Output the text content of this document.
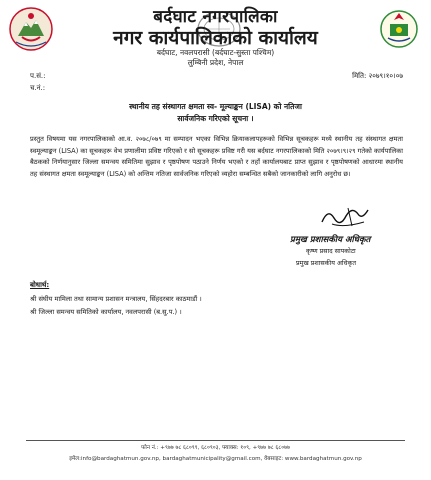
बर्दघाट नगरपालिका
नगर कार्यपालिकाको कार्यालय
बर्दघाट, नवलपरासी (बर्दघाट-सुस्ता पश्चिम)
लुम्बिनी प्रदेश, नेपाल
प.सं.:
च.नं.:
मिति: २०७९।१०।०७
स्थानीय तह संस्थागत क्षमता स्व- मूल्याङ्कन (LISA) को नतिजा
सार्वजनिक गरिएको सूचना ।

प्रस्तुत विषयमा यस नगरपालिकाको आ.व. २०७८/०७९ मा सम्पादन भएका विभिन्न क्रियाकलापहरूको विभिन्न सूचकहरू मध्ये स्थानीय तह संस्थागत क्षमता स्वमूल्याङ्कन (LISA) का सूचकहरू वेभ प्रणालीमा प्रविष्ट गरिएको र सो सूचकहरू प्रविष्ट गरी यस बर्दघाट नगरपालिकाको मिति २०७९।९।२९ गतेको कार्यपालिका बैठकको निर्णयानुसार जिल्ला समन्वय समितिमा सुझाव र पृष्ठपोषण पठाउने निर्णय भएको र तहाँ कार्यालयबाट प्राप्त सुझाव र पृष्ठपोषणको आधारमा स्थानीय तह संस्थागत क्षमता स्वमूल्याङ्कन (LISA) को अन्तिम नतिजा सार्वजनिक गरिएको व्यहोरा सम्बन्धित सबैको जानकारीको लागि अनुरोध छ।

प्रमुख प्रशासकीय अधिकृत
कृष्ण प्रसाद सापकोटा
प्रमुख प्रशासकीय अधिकृत
बोधार्थ:
श्री संघीय मामिला तथा सामान्य प्रशासन मन्त्रालय, सिंहदरबार काठमाडौं ।
श्री जिल्ला समन्वय समितिको कार्यालय, नवलपरासी (ब.सु.प.) ।
फोन नं.: +९७७ ७८ ६८०९९, ६८०९०३, फ्याक्स: १०९, +९७७ ७८ ६८०७७
इमेल:info@bardaghatmun.gov.np, bardaghatmunicipality@gmail.com, वेबसाइट: www.bardaghatmun.gov.np
